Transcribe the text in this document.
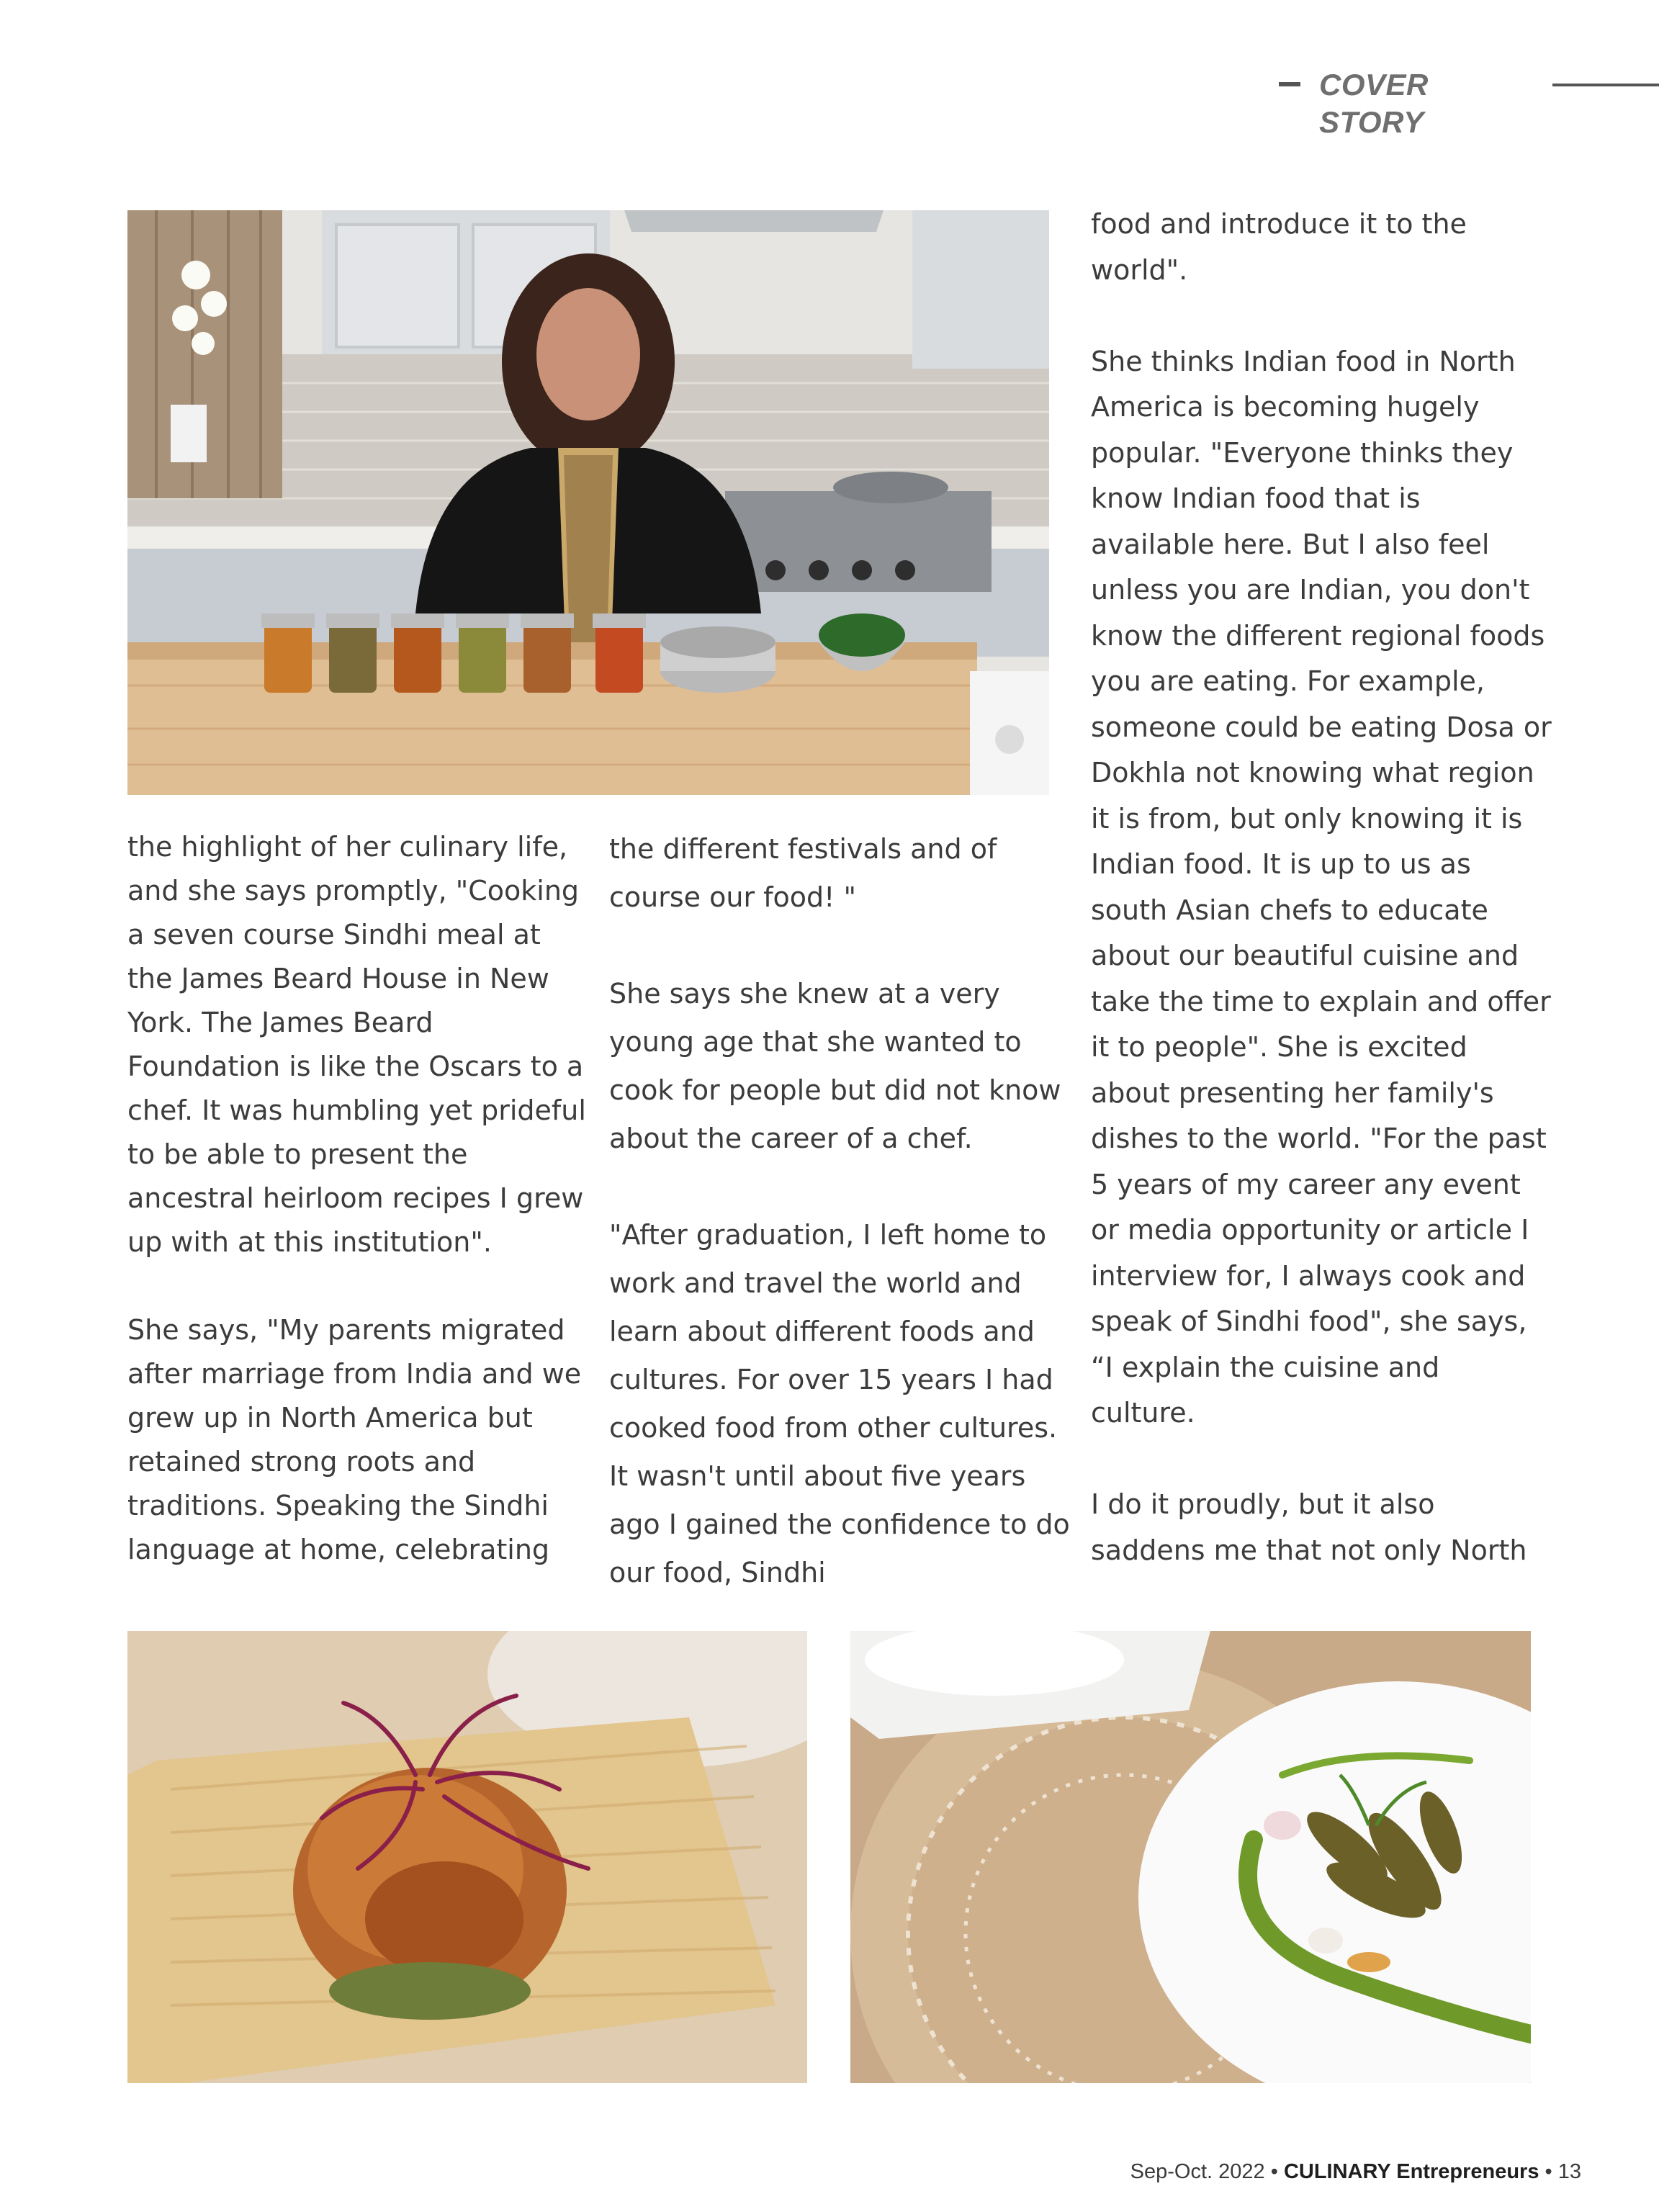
COVER STORY
the highlight of her culinary life, and she says promptly, "Cooking a seven course Sindhi meal at the James Beard House in New York. The James Beard Foundation is like the Oscars to a chef. It was humbling yet prideful to be able to present the ancestral heirloom recipes I grew up with at this institution".

She says, "My parents migrated after marriage from India and we grew up in North America but retained strong roots and traditions. Speaking the Sindhi language at home, celebrating
the different festivals and of course our food! "

She says she knew at a very young age that she wanted to cook for people but did not know about the career of a chef.

"After graduation, I left home to work and travel the world and learn about different foods and cultures. For over 15 years I had cooked food from other cultures. It wasn't until about five years ago I gained the confidence to do our food, Sindhi
food and introduce it to the world".

She thinks Indian food in North America is becoming hugely popular. "Everyone thinks they know Indian food that is available here. But I also feel unless you are Indian, you don't know the different regional foods you are eating. For example, someone could be eating Dosa or Dokhla not knowing what region it is from, but only knowing it is Indian food. It is up to us as south Asian chefs to educate about our beautiful cuisine and take the time to explain and offer it to people". She is excited about presenting her family's dishes to the world. "For the past 5 years of my career any event or media opportunity or article I interview for, I always cook and speak of Sindhi food", she says, “I explain the cuisine and culture.

I do it proudly, but it also saddens me that not only North
Sep-Oct. 2022 • CULINARY Entrepreneurs • 13
